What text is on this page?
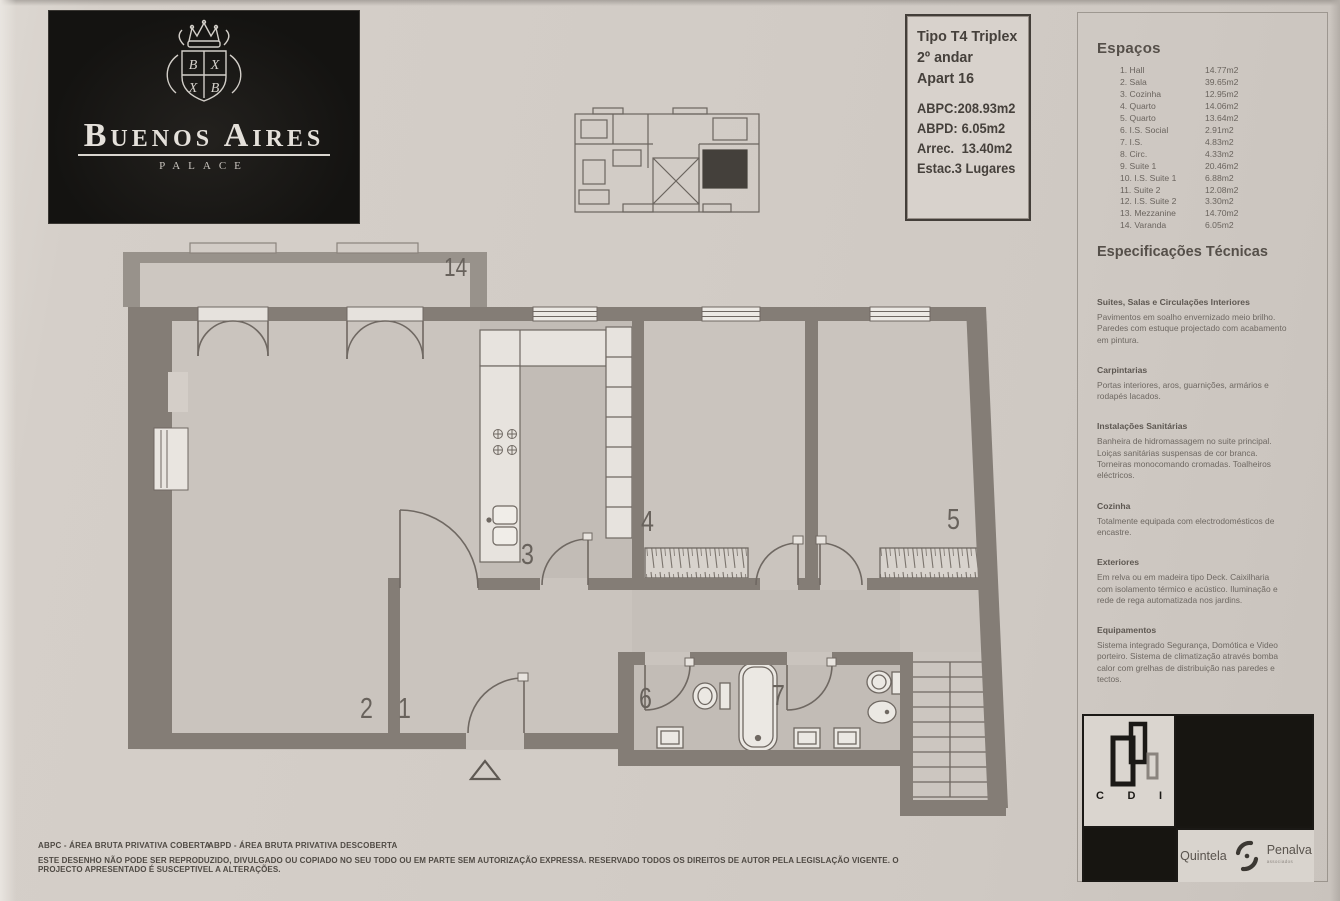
14
2 1
3
4	5
6	7
B X
X B
Buenos Aires
PALACE
Tipo T4 Triplex
2º andar
Apart 16
ABPC: 208.93m2
ABPD: 6.05m2
Arrec. 13.40m2
Estac. 3 Lugares
Espaços
1. Hall	14.77m2
2. Sala	39.65m2
3. Cozinha	12.95m2
4. Quarto	14.06m2
5. Quarto	13.64m2
6. I.S. Social	2.91m2
7. I.S.	4.83m2
8. Circ.	4.33m2
9. Suite 1	20.46m2
10. I.S. Suite 1	6.88m2
11. Suite 2	12.08m2
12. I.S. Suite 2	3.30m2
13. Mezzanine	14.70m2
14. Varanda	6.05m2
Especificações Técnicas
Suites, Salas e Circulações Interiores
Pavimentos em soalho envernizado meio brilho. Paredes com estuque projectado com acabamento em pintura.
Carpintarias
Portas interiores, aros, guarnições, armários e rodapés lacados.
Instalações Sanitárias
Banheira de hidromassagem no suite principal. Loiças sanitárias suspensas de cor branca. Torneiras monocomando cromadas. Toalheiros eléctricos.
Cozinha
Totalmente equipada com electrodomésticos de encastre.
Exteriores
Em relva ou em madeira tipo Deck. Caixilharia com isolamento térmico e acústico. Iluminação e rede de rega automatizada nos jardins.
Equipamentos
Sistema integrado Segurança, Domótica e Video porteiro. Sistema de climatização através bomba calor com grelhas de distribuição nas paredes e tectos.
C D I
Quintela	Penalva
associados
ABPC - ÁREA BRUTA PRIVATIVA COBERTA
ABPD - ÁREA BRUTA PRIVATIVA DESCOBERTA
ESTE DESENHO NÃO PODE SER REPRODUZIDO, DIVULGADO OU COPIADO NO SEU TODO OU EM PARTE SEM AUTORIZAÇÃO EXPRESSA. RESERVADO TODOS OS DIREITOS DE AUTOR PELA LEGISLAÇÃO VIGENTE. O PROJECTO APRESENTADO É SUSCEPTIVEL A ALTERAÇÕES.
